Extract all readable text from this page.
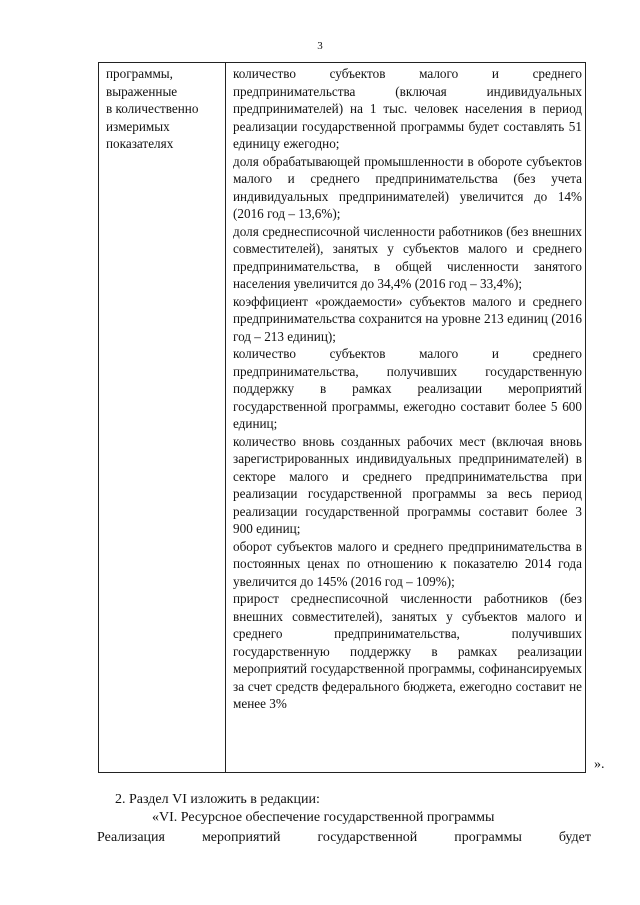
3
программы,
выраженные
в количественно
измеримых
показателях
количество субъектов малого и среднего предпринимательства (включая индивидуальных предпринимателей) на 1 тыс. человек населения в период реализации государственной программы будет составлять 51 единицу ежегодно;
доля обрабатывающей промышленности в обороте субъектов малого и среднего предпринимательства (без учета индивидуальных предпринимателей) увеличится до 14% (2016 год – 13,6%);
доля среднесписочной численности работников (без внешних совместителей), занятых у субъектов малого и среднего предпринимательства, в общей численности занятого населения увеличится до 34,4% (2016 год – 33,4%);
коэффициент «рождаемости» субъектов малого и среднего предпринимательства сохранится на уровне 213 единиц (2016 год – 213 единиц);
количество субъектов малого и среднего предпринимательства, получивших государственную поддержку в рамках реализации мероприятий государственной программы, ежегодно составит более 5 600 единиц;
количество вновь созданных рабочих мест (включая вновь зарегистрированных индивидуальных предпринимателей) в секторе малого и среднего предпринимательства при реализации государственной программы за весь период реализации государственной программы составит более 3 900 единиц;
оборот субъектов малого и среднего предпринимательства в постоянных ценах по отношению к показателю 2014 года увеличится до 145% (2016 год – 109%);
прирост среднесписочной численности работников (без внешних совместителей), занятых у субъектов малого и среднего предпринимательства, получивших государственную поддержку в рамках реализации мероприятий государственной программы, софинансируемых за счет средств федерального бюджета, ежегодно составит не менее 3%
».
2. Раздел VI изложить в редакции:
«VI. Ресурсное обеспечение государственной программы
Реализация мероприятий государственной программы будет
